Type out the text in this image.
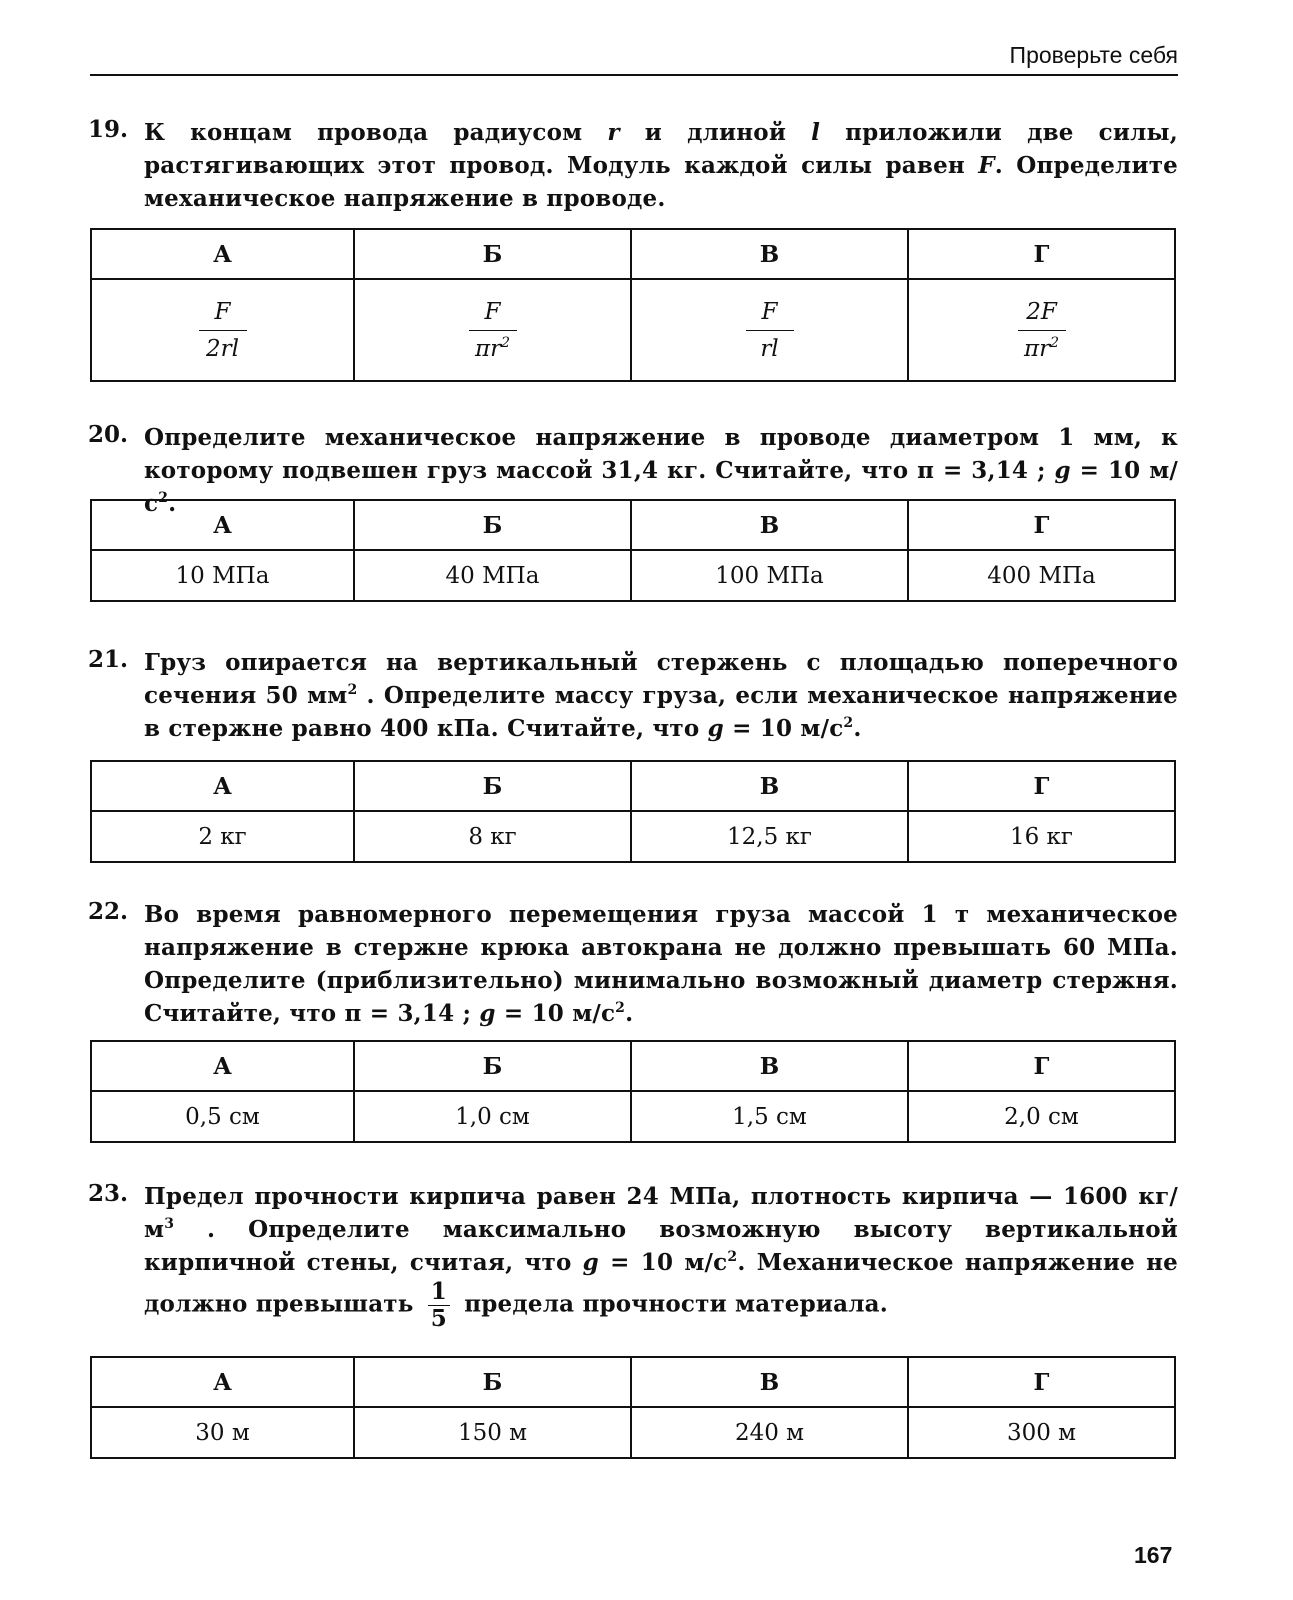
Проверьте себя
19. К концам провода радиусом r и длиной l приложили две силы, растягивающих этот провод. Модуль каждой силы равен F. Определите механическое напряжение в проводе.
А	Б	В	Г

$\frac{F}{2rl}$	$\frac{F}{\pi r^2}$	$\frac{F}{rl}$	$\frac{2F}{\pi r^2}$
20. Определите механическое напряжение в проводе диаметром 1 мм, к которому подвешен груз массой 31,4 кг. Считайте, что π = 3,14 ; g = 10 $м/с^2$.
А	Б	В	Г
10 МПа	40 МПа	100 МПа	400 МПа
21. Груз опирается на вертикальный стержень с площадью поперечного сечения 50 $мм^2$ . Определите массу груза, если механическое напряжение в стержне равно 400 кПа. Считайте, что g = 10 $м/с^2$.
А	Б	В	Г
2 кг	8 кг	12,5 кг	16 кг
22. Во время равномерного перемещения груза массой 1 т механическое напряжение в стержне крюка автокрана не должно превышать 60 МПа. Определите (приблизительно) минимально возможный диаметр стержня. Считайте, что π = 3,14 ; g = 10 $м/с^2$.
А	Б	В	Г
0,5 см	1,0 см	1,5 см	2,0 см
23. Предел прочности кирпича равен 24 МПа, плотность кирпича — 1600 $кг/м^3$ . Определите максимально возможную высоту вертикальной кирпичной стены, считая, что g = 10 $м/с^2$. Механическое напряжение не должно превышать $\frac{1}{5}$ предела прочности материала.
А	Б	В	Г
30 м	150 м	240 м	300 м
167
